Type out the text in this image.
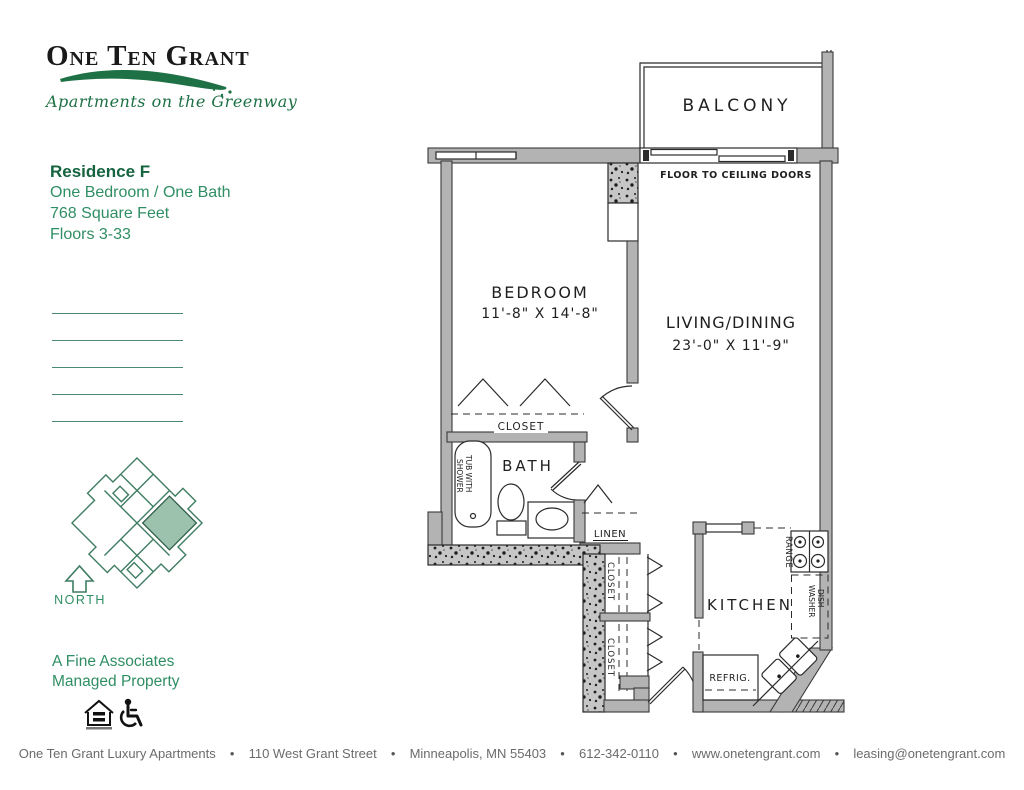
NORTH
BALCONY
FLOOR TO CEILING DOORS
BEDROOM
11'-8" X 14'-8"	LIVING/DINING
23'-0" X 11'-9"
CLOSET
BATH
TUB WITH
SHOWER
LINEN
CLOSET
CLOSET
KITCHEN
RANGE
DISH
WASHER
REFRIG.
One Ten Grant
Apartments on the Greenway
Residence F
One Bedroom / One Bath
768 Square Feet
Floors 3-33
A Fine Associates
Managed Property
One Ten Grant Luxury Apartments ● 110 West Grant Street ● Minneapolis, MN 55403 ● 612-342-0110 ● www.onetengrant.com ● leasing@onetengrant.com
